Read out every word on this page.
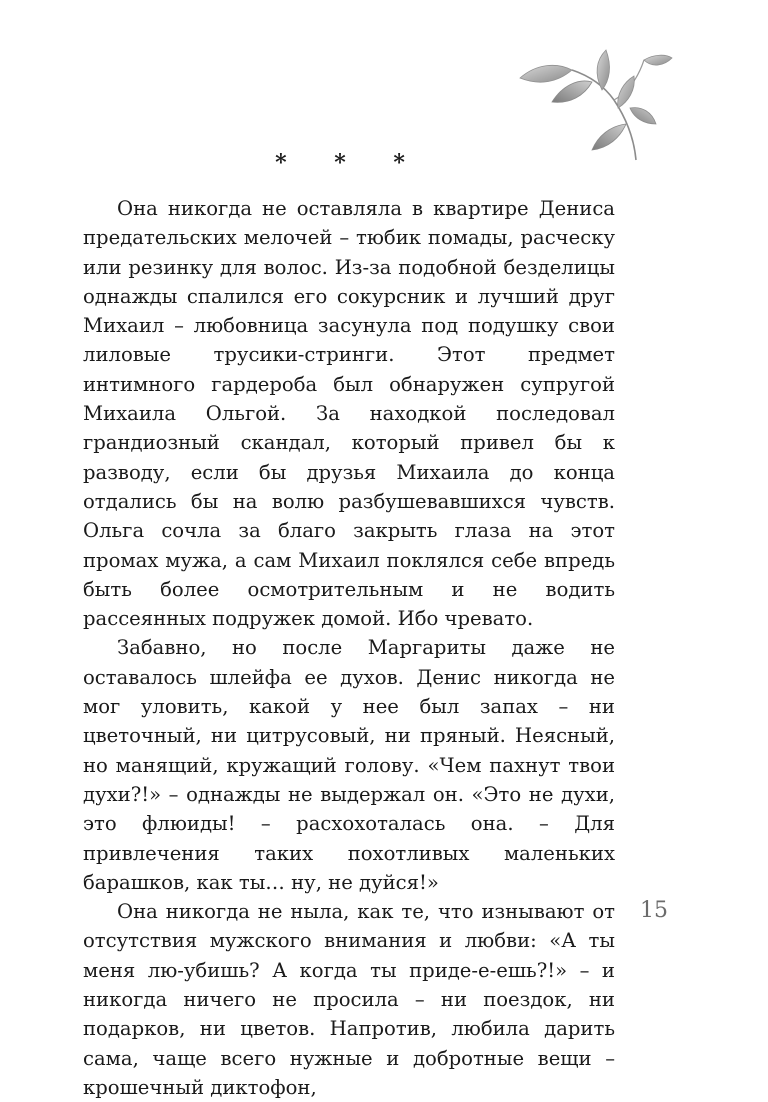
* * *

Она никогда не оставляла в квартире Дениса предательских мелочей – тюбик помады, расческу или резинку для волос. Из-за подобной безделицы однажды спалился его сокурсник и лучший друг Михаил – любовница засунула под подушку свои лиловые трусики-стринги. Этот предмет интимного гардероба был обнаружен супругой Михаила Ольгой. За находкой последовал грандиозный скандал, который привел бы к разводу, если бы друзья Михаила до конца отдались бы на волю разбушевавшихся чувств. Ольга сочла за благо закрыть глаза на этот промах мужа, а сам Михаил поклялся себе впредь быть более осмотрительным и не водить рассеянных подружек домой. Ибо чревато.

Забавно, но после Маргариты даже не оставалось шлейфа ее духов. Денис никогда не мог уловить, какой у нее был запах – ни цветочный, ни цитрусовый, ни пряный. Неясный, но манящий, кружащий голову. «Чем пахнут твои духи?!» – однажды не выдержал он. «Это не духи, это флюиды! – расхохоталась она. – Для привлечения таких похотливых маленьких барашков, как ты… ну, не дуйся!»

Она никогда не ныла, как те, что изнывают от отсутствия мужского внимания и любви: «А ты меня лю-убишь? А когда ты приде-е-ешь?!» – и никогда ничего не просила – ни поездок, ни подарков, ни цветов. Напротив, любила дарить сама, чаще всего нужные и добротные вещи – крошечный диктофон,

15
